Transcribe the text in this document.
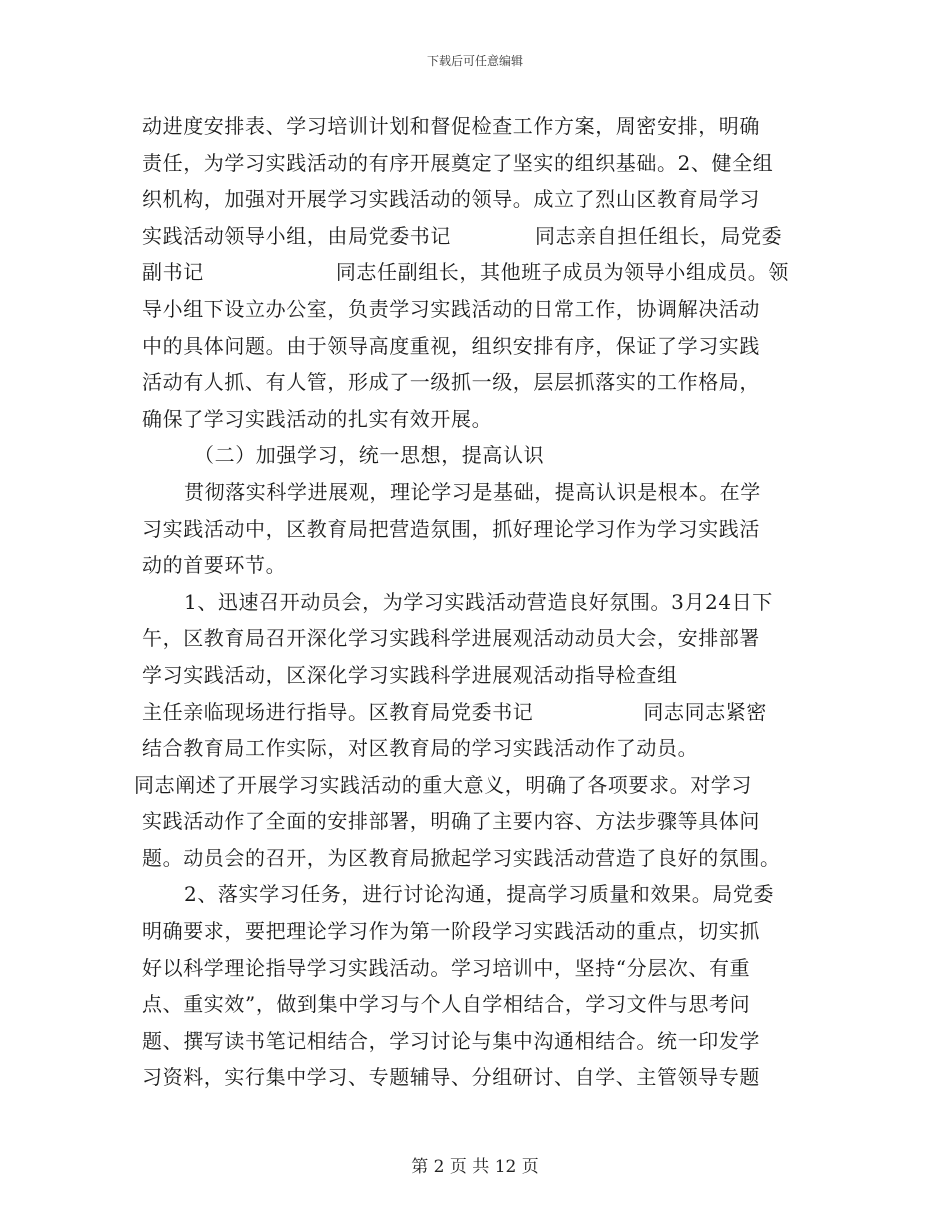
下载后可任意编辑
动进度安排表、学习培训计划和督促检查工作方案，周密安排，明确
责任，为学习实践活动的有序开展奠定了坚实的组织基础。2、健全组
织机构，加强对开展学习实践活动的领导。成立了烈山区教育局学习
实践活动领导小组，由局党委书记	同志亲自担任组长，局党委
副书记	同志任副组长，其他班子成员为领导小组成员。领
导小组下设立办公室，负责学习实践活动的日常工作，协调解决活动
中的具体问题。由于领导高度重视，组织安排有序，保证了学习实践
活动有人抓、有人管，形成了一级抓一级，层层抓落实的工作格局，
确保了学习实践活动的扎实有效开展。
（二）加强学习，统一思想，提高认识
贯彻落实科学进展观，理论学习是基础，提高认识是根本。在学
习实践活动中，区教育局把营造氛围，抓好理论学习作为学习实践活
动的首要环节。
1、迅速召开动员会，为学习实践活动营造良好氛围。3月24日下
午，区教育局召开深化学习实践科学进展观活动动员大会，安排部署
学习实践活动，区深化学习实践科学进展观活动指导检查组
主任亲临现场进行指导。区教育局党委书记	同志同志紧密
结合教育局工作实际，对区教育局的学习实践活动作了动员。
同志阐述了开展学习实践活动的重大意义，明确了各项要求。对学习
实践活动作了全面的安排部署，明确了主要内容、方法步骤等具体问
题。动员会的召开，为区教育局掀起学习实践活动营造了良好的氛围。
2、落实学习任务，进行讨论沟通，提高学习质量和效果。局党委
明确要求，要把理论学习作为第一阶段学习实践活动的重点，切实抓
好以科学理论指导学习实践活动。学习培训中，坚持“分层次、有重
点、重实效”，做到集中学习与个人自学相结合，学习文件与思考问
题、撰写读书笔记相结合，学习讨论与集中沟通相结合。统一印发学
习资料，实行集中学习、专题辅导、分组研讨、自学、主管领导专题
第 2 页 共 12 页
